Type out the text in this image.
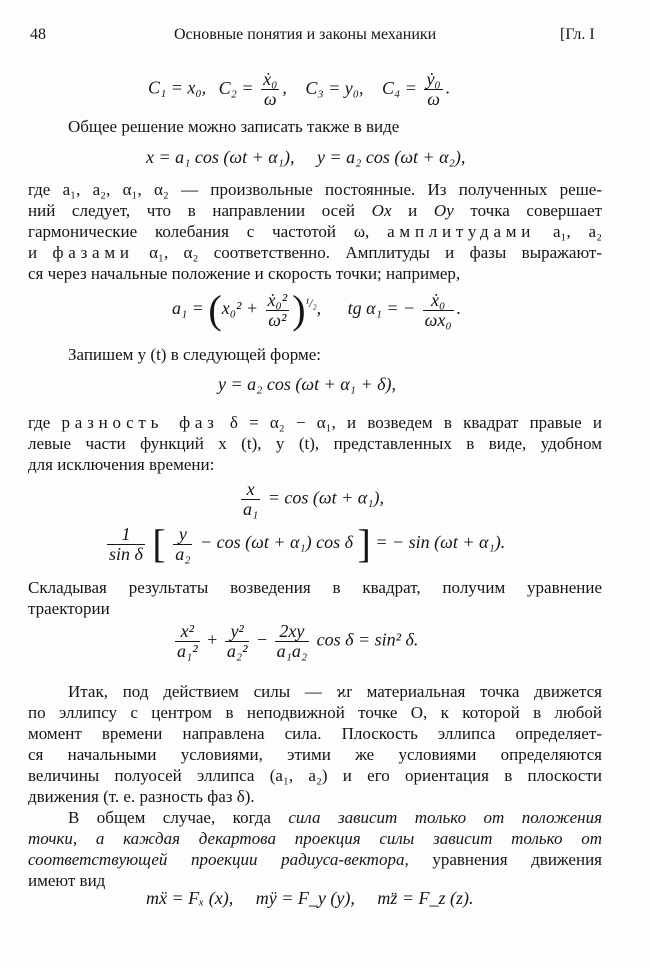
48	Основные понятия и законы механики	[Гл. I
C₁ = x₀, $C_2 = \frac{\text{ẋ₀}}{\omega}$ , C₃ = y₀, $C_4 = \frac{\text{ẏ₀}}{\omega}$ .
Общее решение можно записать также в виде
x = a₁ cos (ωt + α₁),     y = a₂ cos (ωt + α₂),
где a₁, a₂, α₁, α₂ — произвольные постоянные. Из полученных реше-
ний следует, что в направлении осей Ox и Oy точка совершает
гармонические колебания с частотой ω, амплитудами a₁, a₂
и фазами α₁, α₂ соответственно. Амплитуды и фазы выражают-
ся через начальные положение и скорость точки; например,
$a_1 = (x_0^2 + \frac{\text{ẋ₀²}}{\text{ω²}} )^{^1/_2}$, tg α₁ = − $\frac{\text{ẋ₀}}{\text{ωx₀}}$ .
Запишем y (t) в следующей форме:
y = a₂ cos (ωt + α₁ + δ),
где разность фаз δ = α₂ − α₁, и возведем в квадрат правые и
левые части функций x (t), y (t), представленных в виде, удобном
для исключения времени:
$\frac{x}{\text{a₁}} = \cos (\omega t + \alpha_1)$,
$\frac{1}{\text{sin δ}}$ [ $\frac{y}{\text{a₂}} - \cos (\omega t + \alpha_1)$ cos δ ] = − sin (ωt + α₁).
Складывая результаты возведения в квадрат, получим уравнение
траектории
$\frac{\text{x²}}{\text{a₁²}} + \frac{\text{y²}}{\text{a₂²}} - \frac{2xy}{\text{a₁a₂}}$ cos δ = sin² δ.
Итак, под действием силы — ϰr материальная точка движется
по эллипсу с центром в неподвижной точке O, к которой в любой
момент времени направлена сила. Плоскость эллипса определяет-
ся начальными условиями, этими же условиями определяются
величины полуосей эллипса (a₁, a₂) и его ориентация в плоскости
движения (т. е. разность фаз δ).
В общем случае, когда сила зависит только от положения
точки, а каждая декартова проекция силы зависит только от
соответствующей проекции радиуса-вектора, уравнения движения
имеют вид
mẍ = Fₓ (x),     mÿ = F_y (y),     mz̈ = F_z (z).
